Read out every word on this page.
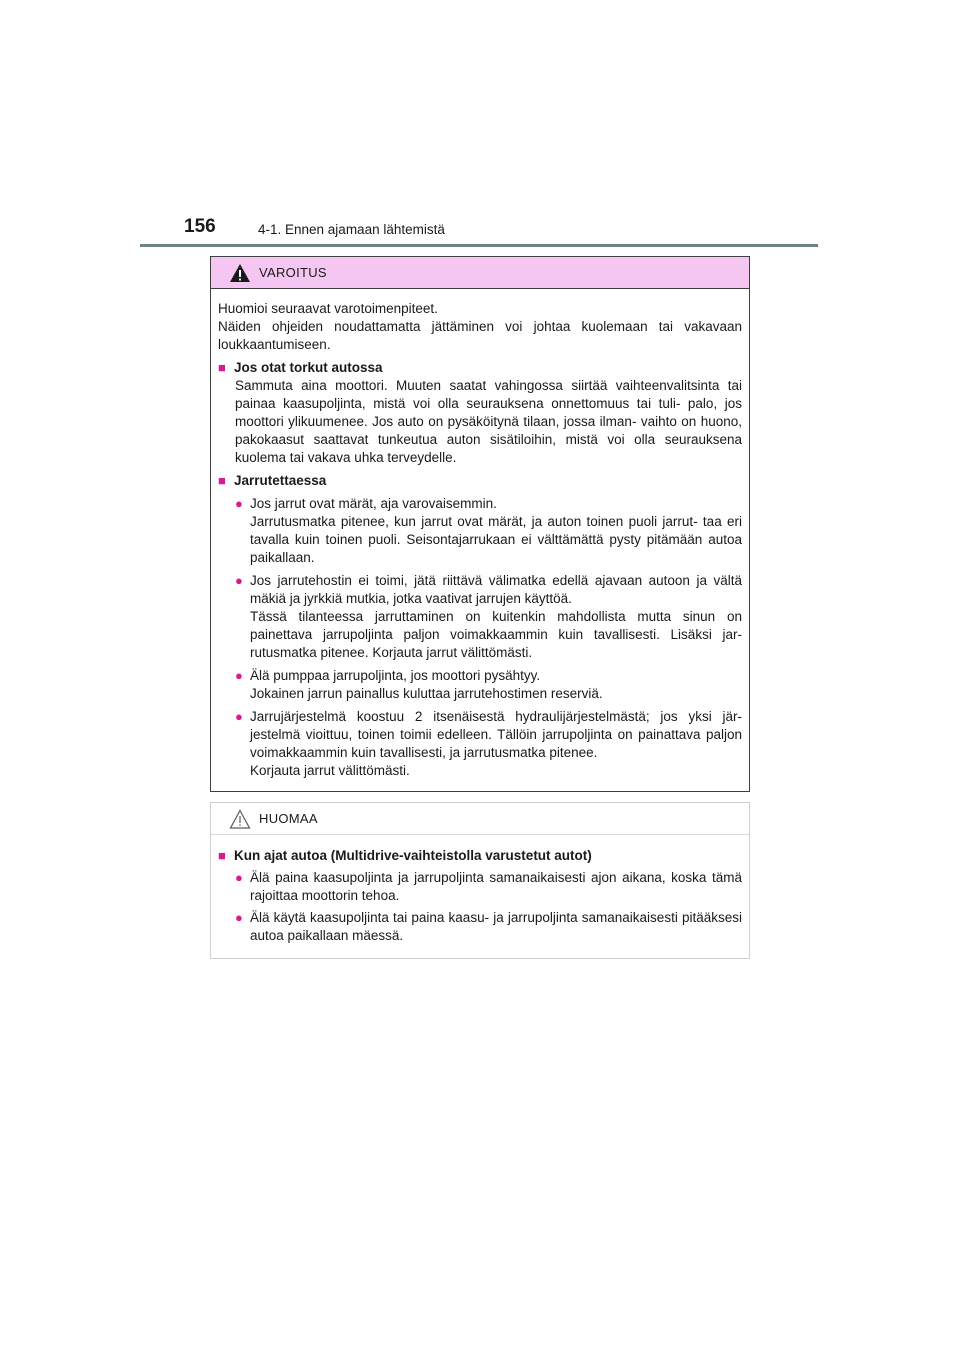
156	4-1. Ennen ajamaan lähtemistä
VAROITUS

Huomioi seuraavat varotoimenpiteet.

Näiden ohjeiden noudattamatta jättäminen voi johtaa kuolemaan tai vakavaan loukkaantumiseen.

■ Jos otat torkut autossa
Sammuta aina moottori. Muuten saatat vahingossa siirtää vaihteenvalitsinta tai painaa kaasupoljinta, mistä voi olla seurauksena onnettomuus tai tuli- palo, jos moottori ylikuumenee. Jos auto on pysäköitynä tilaan, jossa ilman- vaihto on huono, pakokaasut saattavat tunkeutua auton sisätiloihin, mistä voi olla seurauksena kuolema tai vakava uhka terveydelle.
■ Jarrutettaessa
● Jos jarrut ovat märät, aja varovaisemmin.
Jarrutusmatka pitenee, kun jarrut ovat märät, ja auton toinen puoli jarrut- taa eri tavalla kuin toinen puoli. Seisontajarrukaan ei välttämättä pysty pitämään autoa paikallaan.
● Jos jarrutehostin ei toimi, jätä riittävä välimatka edellä ajavaan autoon ja vältä mäkiä ja jyrkkiä mutkia, jotka vaativat jarrujen käyttöä.
Tässä tilanteessa jarruttaminen on kuitenkin mahdollista mutta sinun on painettava jarrupoljinta paljon voimakkaammin kuin tavallisesti. Lisäksi jar- rutusmatka pitenee. Korjauta jarrut välittömästi.
● Älä pumppaa jarrupoljinta, jos moottori pysähtyy.
Jokainen jarrun painallus kuluttaa jarrutehostimen reserviä.
● Jarrujärjestelmä koostuu 2 itsenäisestä hydraulijärjestelmästä; jos yksi jär- jestelmä vioittuu, toinen toimii edelleen. Tällöin jarrupoljinta on painattava paljon voimakkaammin kuin tavallisesti, ja jarrutusmatka pitenee.
Korjauta jarrut välittömästi.
HUOMAA
■ Kun ajat autoa (Multidrive-vaihteistolla varustetut autot)
● Älä paina kaasupoljinta ja jarrupoljinta samanaikaisesti ajon aikana, koska tämä rajoittaa moottorin tehoa.
● Älä käytä kaasupoljinta tai paina kaasu- ja jarrupoljinta samanaikaisesti pitääksesi autoa paikallaan mäessä.
